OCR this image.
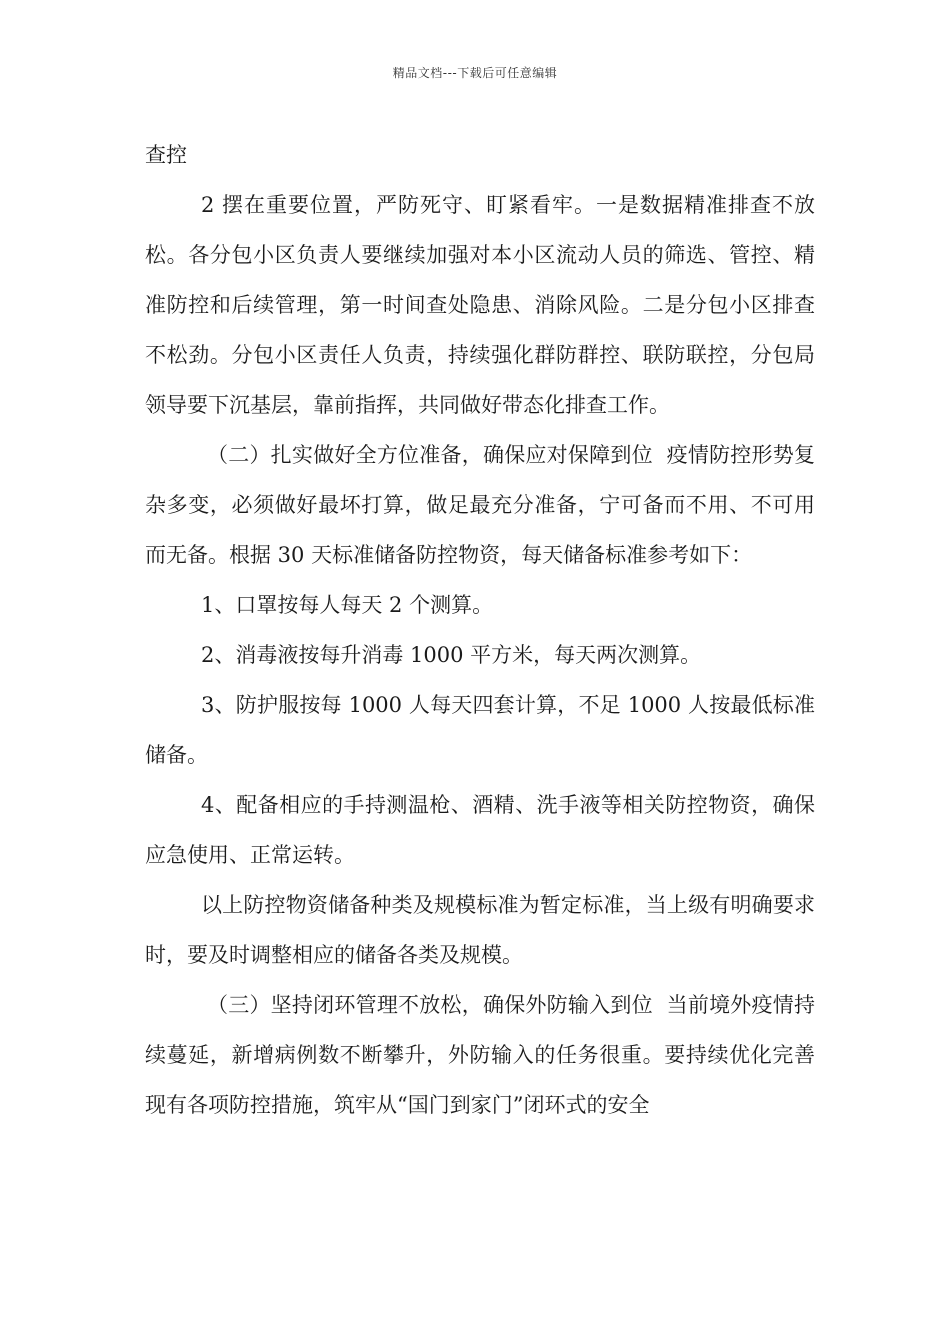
精品文档---下载后可任意编辑

查控

2 摆在重要位置，严防死守、盯紧看牢。一是数据精准排查不放松。各分包小区负责人要继续加强对本小区流动人员的筛选、管控、精准防控和后续管理，第一时间查处隐患、消除风险。二是分包小区排查不松劲。分包小区责任人负责，持续强化群防群控、联防联控，分包局领导要下沉基层，靠前指挥，共同做好带态化排查工作。

（二）扎实做好全方位准备，确保应对保障到位  疫情防控形势复杂多变，必须做好最坏打算，做足最充分准备，宁可备而不用、不可用而无备。根据 30 天标准储备防控物资，每天储备标准参考如下：

1、口罩按每人每天 2 个测算。

2、消毒液按每升消毒 1000 平方米，每天两次测算。

3、防护服按每 1000 人每天四套计算，不足 1000 人按最低标准储备。

4、配备相应的手持测温枪、酒精、洗手液等相关防控物资，确保应急使用、正常运转。

以上防控物资储备种类及规模标准为暂定标准，当上级有明确要求时，要及时调整相应的储备各类及规模。

（三）坚持闭环管理不放松，确保外防输入到位  当前境外疫情持续蔓延，新增病例数不断攀升，外防输入的任务很重。要持续优化完善现有各项防控措施，筑牢从“国门到家门”闭环式的安全
